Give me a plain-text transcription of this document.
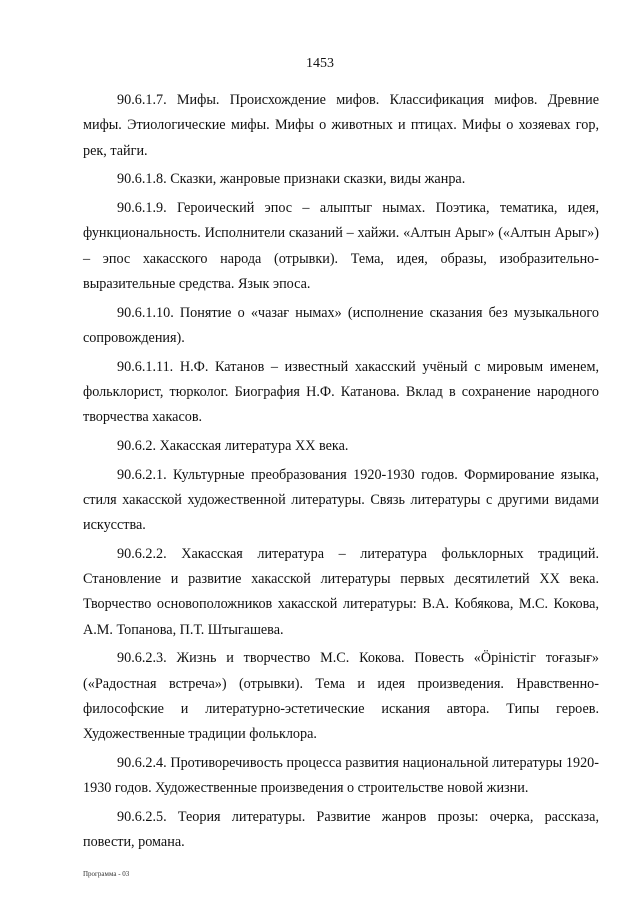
1453

90.6.1.7. Мифы. Происхождение мифов. Классификация мифов. Древние мифы. Этиологические мифы. Мифы о животных и птицах. Мифы о хозяевах гор, рек, тайги.

90.6.1.8. Сказки, жанровые признаки сказки, виды жанра.

90.6.1.9. Героический эпос – алыптыг нымах. Поэтика, тематика, идея, функциональность. Исполнители сказаний – хайжи. «Алтын Арыг» («Алтын Арыг») – эпос хакасского народа (отрывки). Тема, идея, образы, изобразительно-выразительные средства. Язык эпоса.

90.6.1.10. Понятие о «чазағ нымах» (исполнение сказания без музыкального сопровождения).

90.6.1.11. Н.Ф. Катанов – известный хакасский учёный с мировым именем, фольклорист, тюрколог. Биография Н.Ф. Катанова. Вклад в сохранение народного творчества хакасов.

90.6.2. Хакасская литература XX века.

90.6.2.1. Культурные преобразования 1920-1930 годов. Формирование языка, стиля хакасской художественной литературы. Связь литературы с другими видами искусства.

90.6.2.2. Хакасская литература – литература фольклорных традиций. Становление и развитие хакасской литературы первых десятилетий XX века. Творчество основоположников хакасской литературы: В.А. Кобякова, М.С. Кокова, А.М. Топанова, П.Т. Штыгашева.

90.6.2.3. Жизнь и творчество М.С. Кокова. Повесть «Öрiнiстiг тоғазығ» («Радостная встреча») (отрывки). Тема и идея произведения. Нравственно-философские и литературно-эстетические искания автора. Типы героев. Художественные традиции фольклора.

90.6.2.4. Противоречивость процесса развития национальной литературы 1920-1930 годов. Художественные произведения о строительстве новой жизни.

90.6.2.5. Теория литературы. Развитие жанров прозы: очерка, рассказа, повести, романа.

Программа - 03
